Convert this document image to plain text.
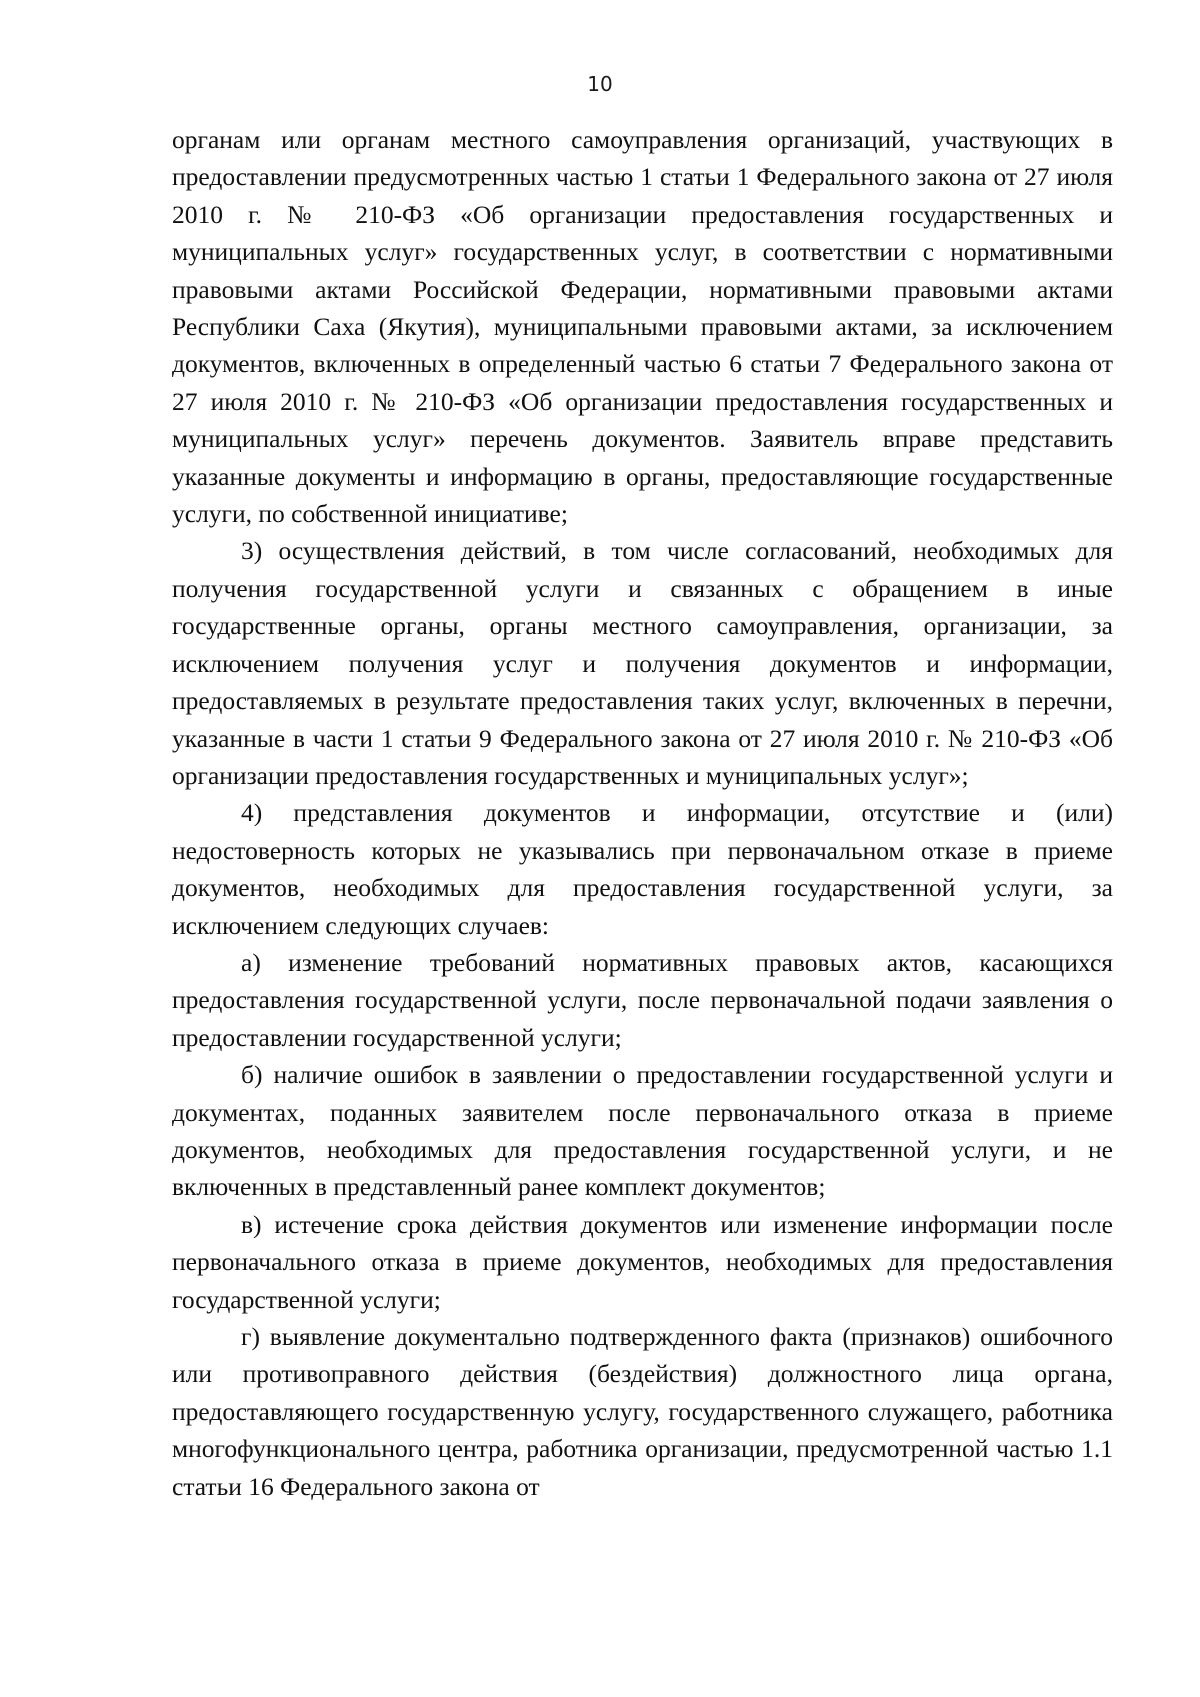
10

органам или органам местного самоуправления организаций, участвующих в предоставлении предусмотренных частью 1 статьи 1 Федерального закона от 27 июля 2010 г. № 210-ФЗ «Об организации предоставления государственных и муниципальных услуг» государственных услуг, в соответствии с нормативными правовыми актами Российской Федерации, нормативными правовыми актами Республики Саха (Якутия), муниципальными правовыми актами, за исключением документов, включенных в определенный частью 6 статьи 7 Федерального закона от 27 июля 2010 г. № 210-ФЗ «Об организации предоставления государственных и муниципальных услуг» перечень документов. Заявитель вправе представить указанные документы и информацию в органы, предоставляющие государственные услуги, по собственной инициативе;

3) осуществления действий, в том числе согласований, необходимых для получения государственной услуги и связанных с обращением в иные государственные органы, органы местного самоуправления, организации, за исключением получения услуг и получения документов и информации, предоставляемых в результате предоставления таких услуг, включенных в перечни, указанные в части 1 статьи 9 Федерального закона от 27 июля 2010 г. № 210-ФЗ «Об организации предоставления государственных и муниципальных услуг»;

4) представления документов и информации, отсутствие и (или) недостоверность которых не указывались при первоначальном отказе в приеме документов, необходимых для предоставления государственной услуги, за исключением следующих случаев:

а) изменение требований нормативных правовых актов, касающихся предоставления государственной услуги, после первоначальной подачи заявления о предоставлении государственной услуги;

б) наличие ошибок в заявлении о предоставлении государственной услуги и документах, поданных заявителем после первоначального отказа в приеме документов, необходимых для предоставления государственной услуги, и не включенных в представленный ранее комплект документов;

в) истечение срока действия документов или изменение информации после первоначального отказа в приеме документов, необходимых для предоставления государственной услуги;

г) выявление документально подтвержденного факта (признаков) ошибочного или противоправного действия (бездействия) должностного лица органа, предоставляющего государственную услугу, государственного служащего, работника многофункционального центра, работника организации, предусмотренной частью 1.1 статьи 16 Федерального закона от
